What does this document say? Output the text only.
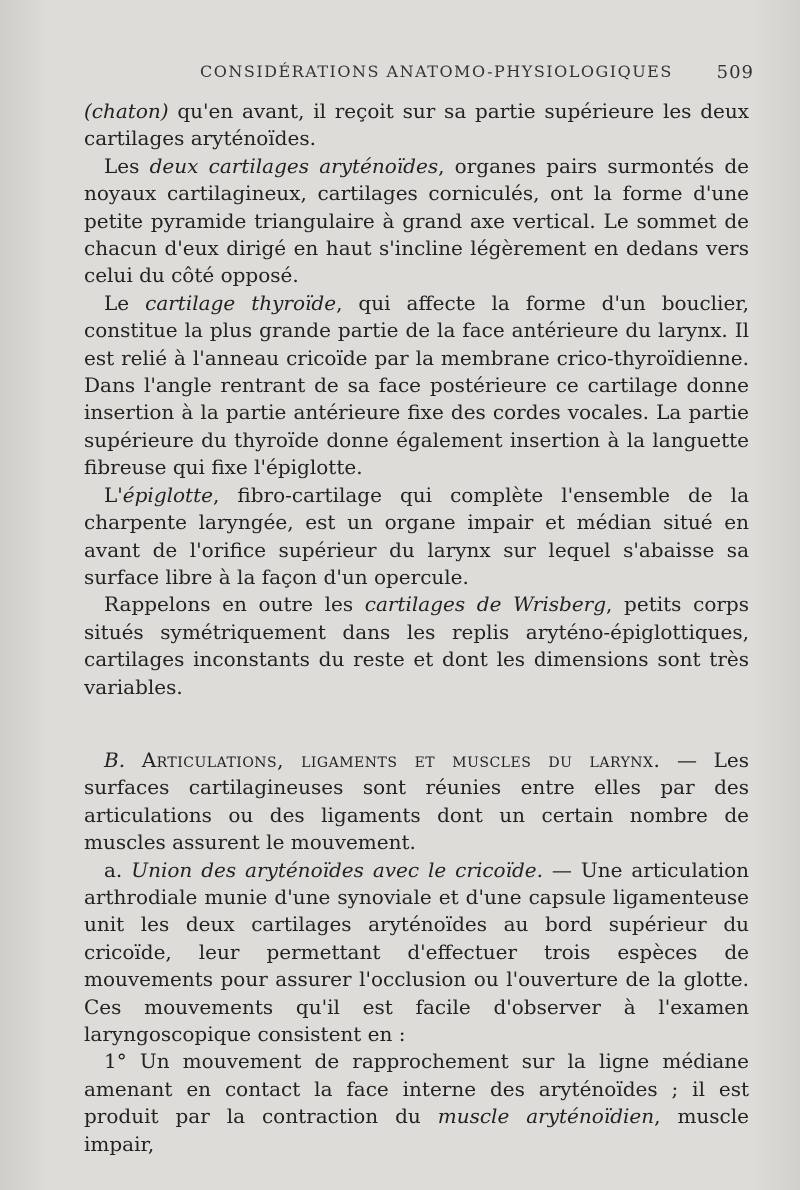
CONSIDÉRATIONS ANATOMO-PHYSIOLOGIQUES 509

(chaton) qu'en avant, il reçoit sur sa partie supérieure les deux cartilages aryténoïdes.

Les deux cartilages aryténoïdes, organes pairs surmontés de noyaux cartilagineux, cartilages corniculés, ont la forme d'une petite pyramide triangulaire à grand axe vertical. Le sommet de chacun d'eux dirigé en haut s'incline légèrement en dedans vers celui du côté opposé.

Le cartilage thyroïde, qui affecte la forme d'un bouclier, constitue la plus grande partie de la face antérieure du larynx. Il est relié à l'anneau cricoïde par la membrane crico-thyroïdienne. Dans l'angle rentrant de sa face postérieure ce cartilage donne insertion à la partie antérieure fixe des cordes vocales. La partie supérieure du thyroïde donne également insertion à la languette fibreuse qui fixe l'épiglotte.

L'épiglotte, fibro-cartilage qui complète l'ensemble de la charpente laryngée, est un organe impair et médian situé en avant de l'orifice supérieur du larynx sur lequel s'abaisse sa surface libre à la façon d'un opercule.

Rappelons en outre les cartilages de Wrisberg, petits corps situés symétriquement dans les replis aryténo-épiglottiques, cartilages inconstants du reste et dont les dimensions sont très variables.

B. Articulations, ligaments et muscles du larynx. — Les surfaces cartilagineuses sont réunies entre elles par des articulations ou des ligaments dont un certain nombre de muscles assurent le mouvement.

a. Union des aryténoïdes avec le cricoïde. — Une articulation arthrodiale munie d'une synoviale et d'une capsule ligamenteuse unit les deux cartilages aryténoïdes au bord supérieur du cricoïde, leur permettant d'effectuer trois espèces de mouvements pour assurer l'occlusion ou l'ouverture de la glotte. Ces mouvements qu'il est facile d'observer à l'examen laryngoscopique consistent en :

1° Un mouvement de rapprochement sur la ligne médiane amenant en contact la face interne des aryténoïdes ; il est produit par la contraction du muscle aryténoïdien, muscle impair,
